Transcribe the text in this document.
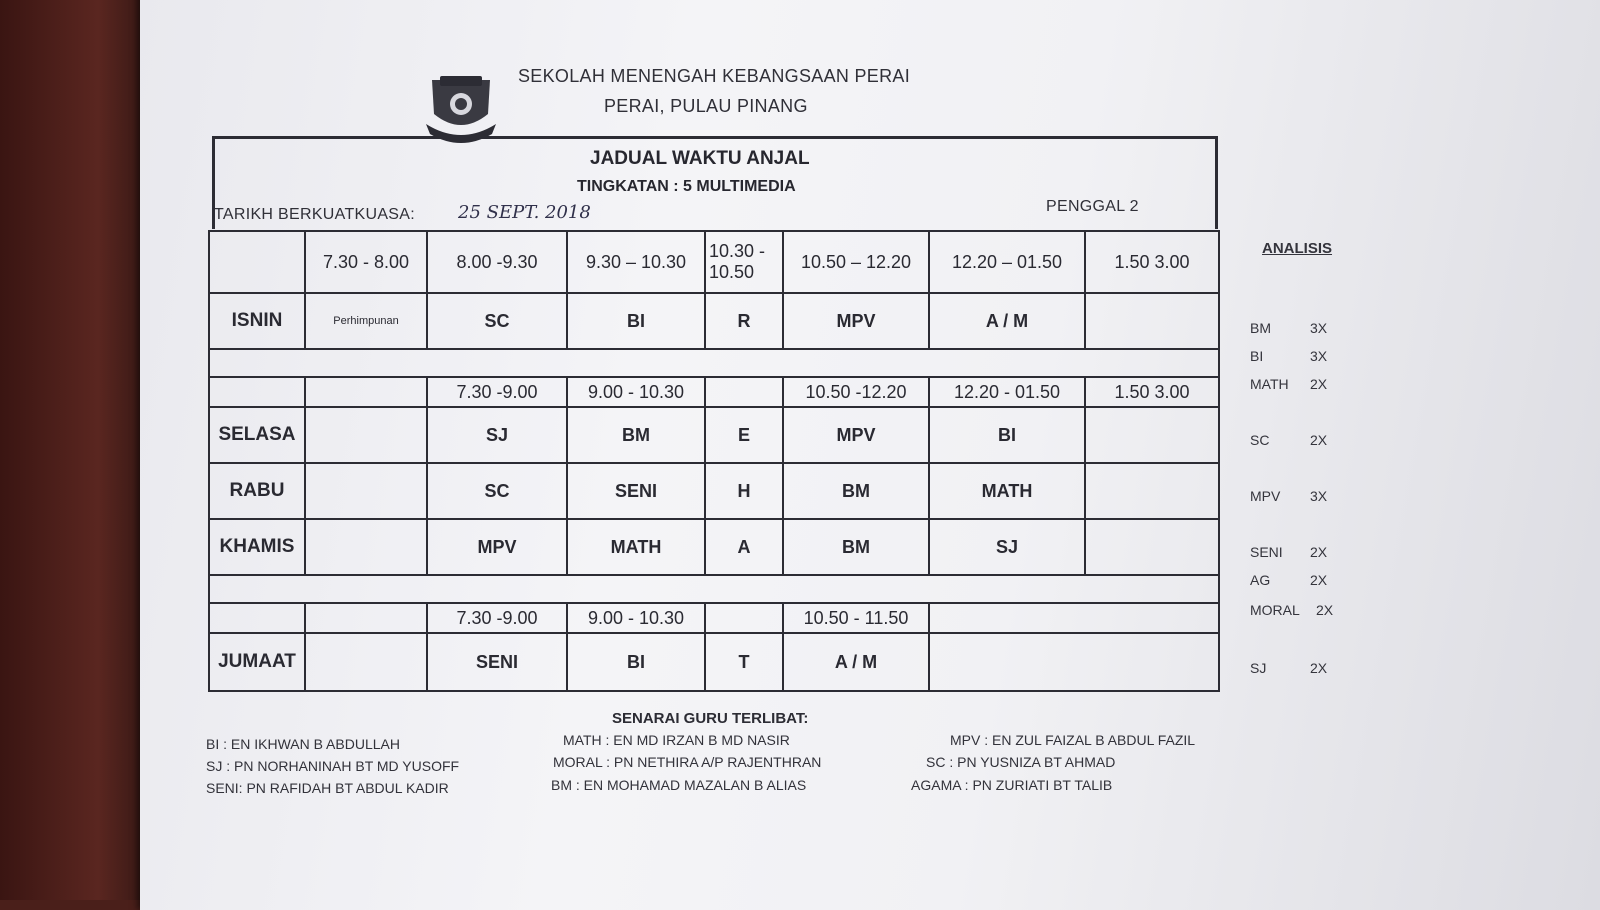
SEKOLAH MENENGAH KEBANGSAAN PERAI
PERAI, PULAU PINANG
JADUAL WAKTU ANJAL
TINGKATAN : 5 MULTIMEDIA
TARIKH BERKUATKUASA: 25 SEPT. 2018	PENGGAL 2
	7.30 - 8.00	8.00 -9.30	9.30 – 10.30	10.30 - 10.50	10.50 – 12.20	12.20 – 01.50	1.50 3.00
ISNIN	Perhimpunan	SC	BI	R	MPV	A / M	

		7.30 -9.00	9.00 - 10.30		10.50 -12.20	12.20 - 01.50	1.50 3.00
SELASA		SJ	BM	E	MPV	BI	
RABU		SC	SENI	H	BM	MATH	
KHAMIS		MPV	MATH	A	BM	SJ	

		7.30 -9.00	9.00 - 10.30		10.50 - 11.50		
JUMAAT		SENI	BI	T	A / M		
ANALISIS
BM	3X
BI	3X
MATH 2X
SC	2X
MPV 3X
SENI 2X
AG	2X
MORAL 2X
SJ	2X
SENARAI GURU TERLIBAT:
BI : EN IKHWAN B ABDULLAH
SJ : PN NORHANINAH BT MD YUSOFF
SENI: PN RAFIDAH BT ABDUL KADIR
MATH : EN MD IRZAN B MD NASIR
MORAL : PN NETHIRA A/P RAJENTHRAN
BM : EN MOHAMAD MAZALAN B ALIAS
MPV : EN ZUL FAIZAL B ABDUL FAZIL
SC : PN YUSNIZA BT AHMAD
AGAMA : PN ZURIATI BT TALIB
